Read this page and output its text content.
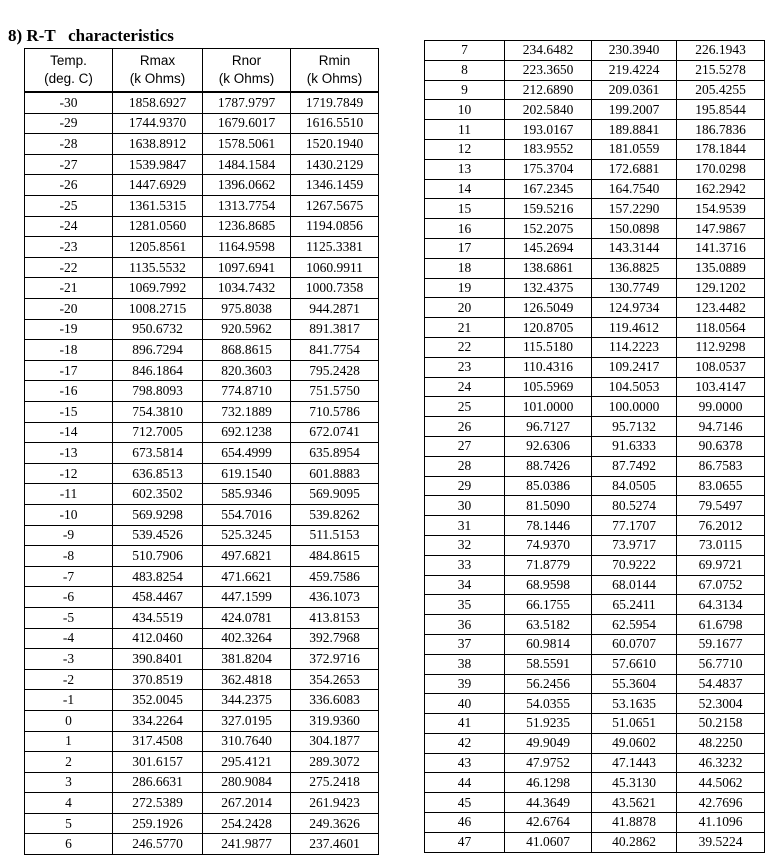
8) R-T   characteristics
Temp.
(deg. C)

Rmax
(k Ohms)

Rnor
(k Ohms)

Rmin
(k Ohms)

-30	1858.6927	1787.9797	1719.7849
-29	1744.9370	1679.6017	1616.5510
-28	1638.8912	1578.5061	1520.1940
-27	1539.9847	1484.1584	1430.2129
-26	1447.6929	1396.0662	1346.1459
-25	1361.5315	1313.7754	1267.5675
-24	1281.0560	1236.8685	1194.0856
-23	1205.8561	1164.9598	1125.3381
-22	1135.5532	1097.6941	1060.9911
-21	1069.7992	1034.7432	1000.7358
-20	1008.2715	975.8038	944.2871
-19	950.6732	920.5962	891.3817
-18	896.7294	868.8615	841.7754
-17	846.1864	820.3603	795.2428
-16	798.8093	774.8710	751.5750
-15	754.3810	732.1889	710.5786
-14	712.7005	692.1238	672.0741
-13	673.5814	654.4999	635.8954
-12	636.8513	619.1540	601.8883
-11	602.3502	585.9346	569.9095
-10	569.9298	554.7016	539.8262
-9	539.4526	525.3245	511.5153
-8	510.7906	497.6821	484.8615
-7	483.8254	471.6621	459.7586
-6	458.4467	447.1599	436.1073
-5	434.5519	424.0781	413.8153
-4	412.0460	402.3264	392.7968
-3	390.8401	381.8204	372.9716
-2	370.8519	362.4818	354.2653
-1	352.0045	344.2375	336.6083
0	334.2264	327.0195	319.9360
1	317.4508	310.7640	304.1877
2	301.6157	295.4121	289.3072
3	286.6631	280.9084	275.2418
4	272.5389	267.2014	261.9423
5	259.1926	254.2428	249.3626
6	246.5770	241.9877	237.4601
7	234.6482	230.3940	226.1943
8	223.3650	219.4224	215.5278
9	212.6890	209.0361	205.4255
10	202.5840	199.2007	195.8544
11	193.0167	189.8841	186.7836
12	183.9552	181.0559	178.1844
13	175.3704	172.6881	170.0298
14	167.2345	164.7540	162.2942
15	159.5216	157.2290	154.9539
16	152.2075	150.0898	147.9867
17	145.2694	143.3144	141.3716
18	138.6861	136.8825	135.0889
19	132.4375	130.7749	129.1202
20	126.5049	124.9734	123.4482
21	120.8705	119.4612	118.0564
22	115.5180	114.2223	112.9298
23	110.4316	109.2417	108.0537
24	105.5969	104.5053	103.4147
25	101.0000	100.0000	99.0000
26	96.7127	95.7132	94.7146
27	92.6306	91.6333	90.6378
28	88.7426	87.7492	86.7583
29	85.0386	84.0505	83.0655
30	81.5090	80.5274	79.5497
31	78.1446	77.1707	76.2012
32	74.9370	73.9717	73.0115
33	71.8779	70.9222	69.9721
34	68.9598	68.0144	67.0752
35	66.1755	65.2411	64.3134
36	63.5182	62.5954	61.6798
37	60.9814	60.0707	59.1677
38	58.5591	57.6610	56.7710
39	56.2456	55.3604	54.4837
40	54.0355	53.1635	52.3004
41	51.9235	51.0651	50.2158
42	49.9049	49.0602	48.2250
43	47.9752	47.1443	46.3232
44	46.1298	45.3130	44.5062
45	44.3649	43.5621	42.7696
46	42.6764	41.8878	41.1096
47	41.0607	40.2862	39.5224
